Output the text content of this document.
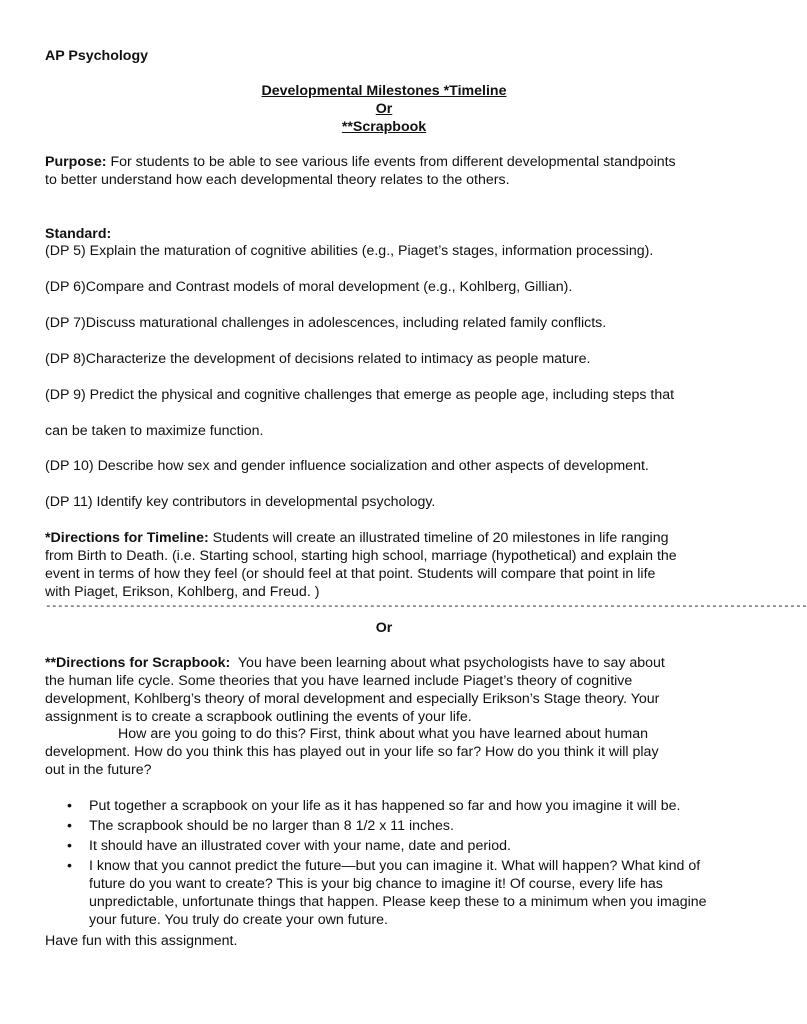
AP Psychology
Developmental Milestones *Timeline
Or
**Scrapbook
Purpose: For students to be able to see various life events from different developmental standpoints
to better understand how each developmental theory relates to the others.
Standard:
(DP 5) Explain the maturation of cognitive abilities (e.g., Piaget’s stages, information processing).
(DP 6)Compare and Contrast models of moral development (e.g., Kohlberg, Gillian).
(DP 7)Discuss maturational challenges in adolescences, including related family conflicts.
(DP 8)Characterize the development of decisions related to intimacy as people mature.
(DP 9) Predict the physical and cognitive challenges that emerge as people age, including steps that
can be taken to maximize function.
(DP 10) Describe how sex and gender influence socialization and other aspects of development.
(DP 11) Identify key contributors in developmental psychology.
*Directions for Timeline: Students will create an illustrated timeline of 20 milestones in life ranging
from Birth to Death. (i.e. Starting school, starting high school, marriage (hypothetical) and explain the
event in terms of how they feel (or should feel at that point. Students will compare that point in life
with Piaget, Erikson, Kohlberg, and Freud. )
-------------------------------------------------------------------------------------------------------------------------------
Or
**Directions for Scrapbook:  You have been learning about what psychologists have to say about
the human life cycle. Some theories that you have learned include Piaget’s theory of cognitive
development, Kohlberg’s theory of moral development and especially Erikson’s Stage theory. Your
assignment is to create a scrapbook outlining the events of your life.
How are you going to do this? First, think about what you have learned about human
development. How do you think this has played out in your life so far? How do you think it will play
out in the future?
• Put together a scrapbook on your life as it has happened so far and how you imagine it will be.
• The scrapbook should be no larger than 8 1/2 x 11 inches.
• It should have an illustrated cover with your name, date and period.
• I know that you cannot predict the future—but you can imagine it. What will happen? What kind of future do you want to create? This is your big chance to imagine it! Of course, every life has unpredictable, unfortunate things that happen. Please keep these to a minimum when you imagine your future. You truly do create your own future.
Have fun with this assignment.
